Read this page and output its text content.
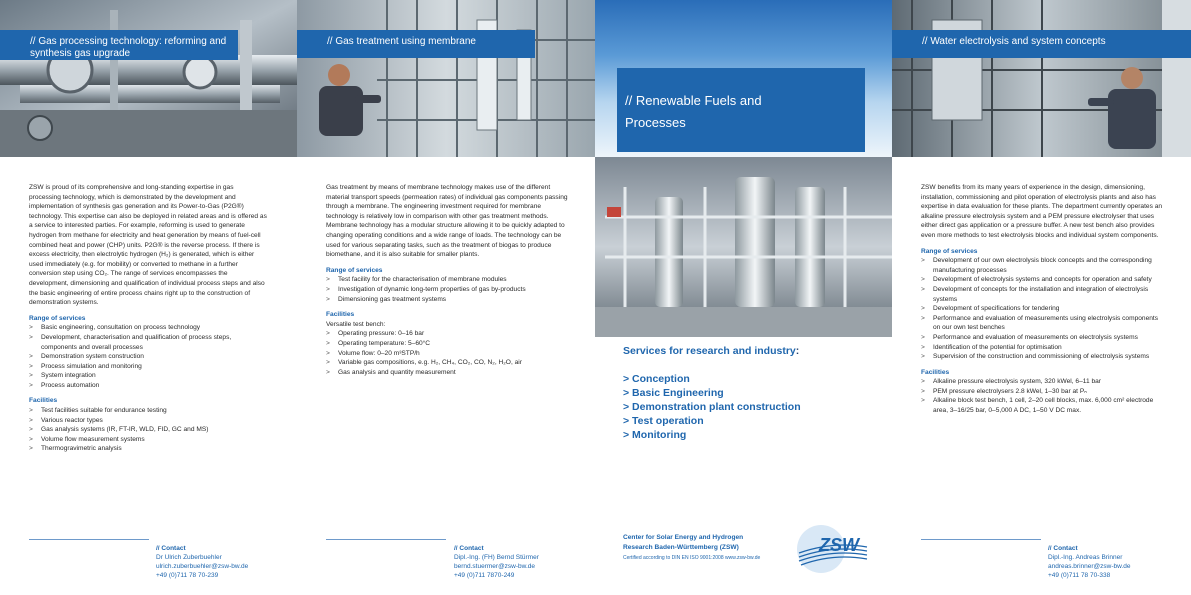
// Gas processing technology: reforming and synthesis gas upgrade

ZSW is proud of its comprehensive and long-standing expertise in gas processing technology, which is demonstrated by the development and implementation of synthesis gas generation and its Power-to-Gas (P2G®) technology. This expertise can also be deployed in related areas and is offered as a service to interested parties. For example, reforming is used to generate hydrogen from methane for electricity and heat generation by means of fuel-cell combined heat and power (CHP) units. P2G® is the reverse process. If there is excess electricity, then electrolytic hydrogen (H₂) is generated, which is either used immediately (e.g. for mobility) or converted to methane in a further conversion step using CO₂. The range of services encompasses the development, dimensioning and qualification of individual process steps and also the basic engineering of entire process chains right up to the construction of demonstration systems.

Range of services
> Basic engineering, consultation on process technology
> Development, characterisation and qualification of process steps, components and overall processes
> Demonstration system construction
> Process simulation and monitoring
> System integration
> Process automation
Facilities
> Test facilities suitable for endurance testing
> Various reactor types
> Gas analysis systems (IR, FT-IR, WLD, FID, GC and MS)
> Volume flow measurement systems
> Thermogravimetric analysis
// Contact
Dr Ulrich Zuberbuehler
ulrich.zuberbuehler@zsw-bw.de
+49 (0)711 78 70-239
// Gas treatment using membrane

Gas treatment by means of membrane technology makes use of the different material transport speeds (permeation rates) of individual gas components passing through a membrane. The engineering investment required for membrane technology is relatively low in comparison with other gas treatment methods. Membrane technology has a modular structure allowing it to be quickly adapted to changing operating conditions and a wide range of loads. The technology can be used for various separating tasks, such as the treatment of biogas to produce biomethane, and it is also suitable for smaller plants.

Range of services
> Test facility for the characterisation of membrane modules
> Investigation of dynamic long-term properties of gas by-products
> Dimensioning gas treatment systems
Facilities
Versatile test bench:
> Operating pressure: 0–16 bar
> Operating temperature: 5–60°C
> Volume flow: 0–20 m³STP/h
> Variable gas compositions, e.g. H₂, CH₄, CO₂, CO, N₂, H₂O, air
> Gas analysis and quantity measurement
// Contact
Dipl.-Ing. (FH) Bernd Stürmer
bernd.stuermer@zsw-bw.de
+49 (0)711 7870-249
// Renewable Fuels and
Processes
Services for research and industry:
> Conception
> Basic Engineering
> Demonstration plant construction
> Test operation
> Monitoring
Center for Solar Energy and Hydrogen
Research Baden-Württemberg (ZSW)
Certified according to DIN EN ISO 9001:2008 www.zsw-bw.de
ZSW
// Water electrolysis and system concepts

ZSW benefits from its many years of experience in the design, dimensioning, installation, commissioning and pilot operation of electrolysis plants and also has expertise in data evaluation for these plants. The department currently operates an alkaline pressure electrolysis system and a PEM pressure electrolyser that uses either direct gas application or a pressure buffer. A new test bench also provides even more methods to test electrolysis blocks and individual system components.

Range of services
> Development of our own electrolysis block concepts and the corresponding manufacturing processes
> Development of electrolysis systems and concepts for operation and safety
> Development of concepts for the installation and integration of electrolysis systems
> Development of specifications for tendering
> Performance and evaluation of measurements using electrolysis components on our own test benches
> Performance and evaluation of measurements on electrolysis systems
> Identification of the potential for optimisation
> Supervision of the construction and commissioning of electrolysis systems
Facilities
> Alkaline pressure electrolysis system, 320 kWel, 6–11 bar
> PEM pressure electrolysers 2.8 kWel, 1–30 bar at Pₙ
> Alkaline block test bench, 1 cell, 2–20 cell blocks, max. 6,000 cm² electrode area, 3–16/25 bar, 0–5,000 A DC, 1–50 V DC max.
// Contact
Dipl.-Ing. Andreas Brinner
andreas.brinner@zsw-bw.de
+49 (0)711 78 70-338
